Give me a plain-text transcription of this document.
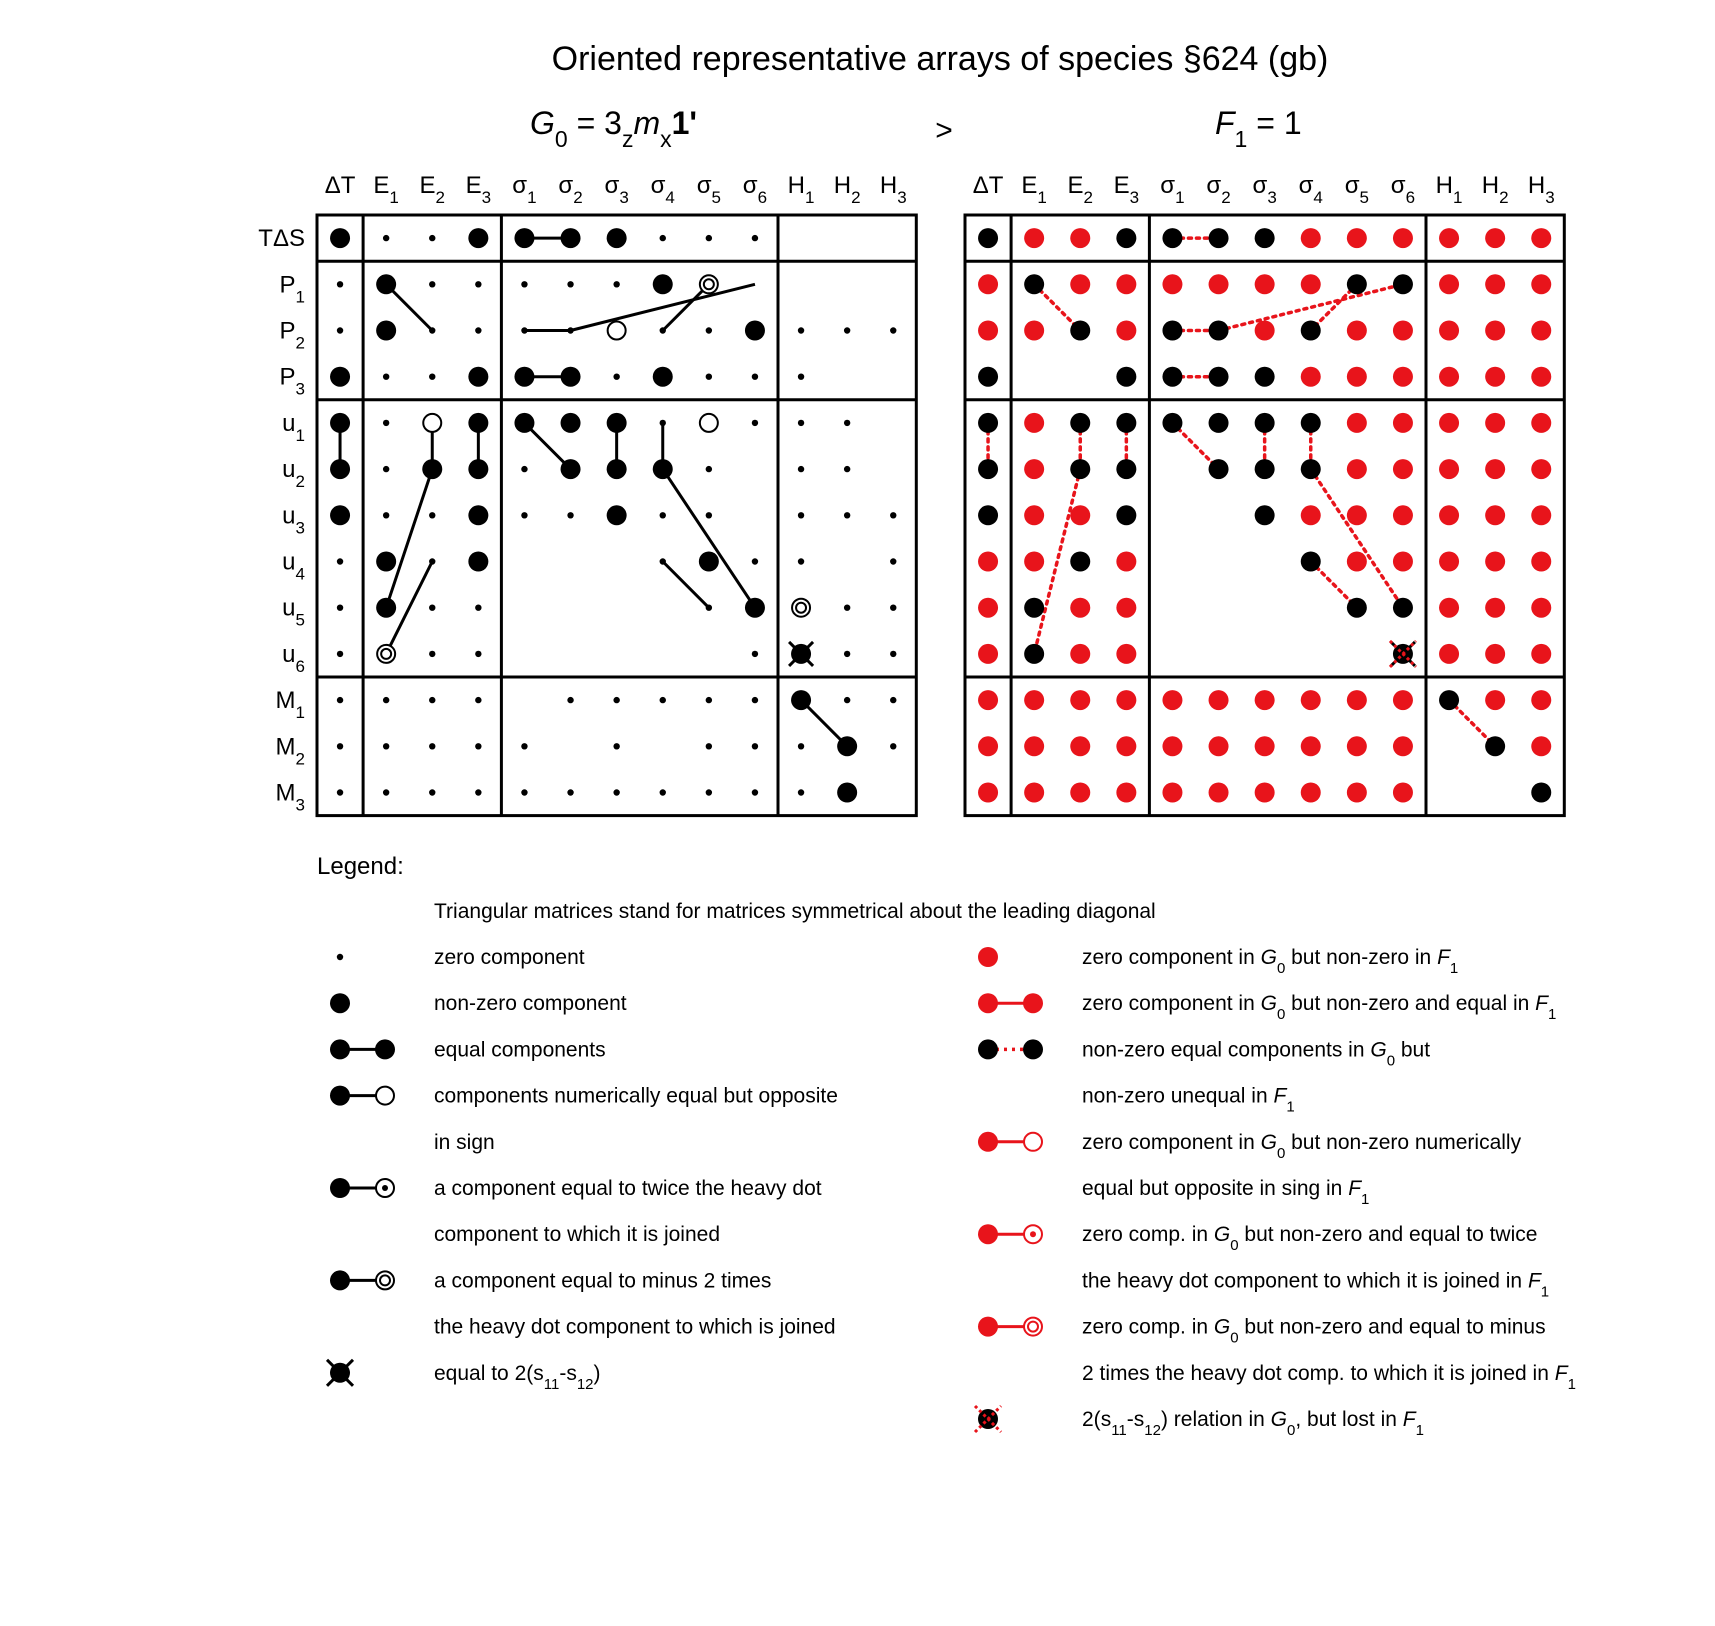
Oriented representative arrays of species §624 (gb)
$G_0 = 3_zm_x1'$	>	$F_1 = 1$
ΔT $E_1$ $E_2$ $E_3$ $\sigma_1$ $\sigma_2$ $\sigma_3$ $\sigma_4$ $\sigma_5$ $\sigma_6$ $H_1$ $H_2$ $H_3$
TΔS
$P_1$
$P_2$
$P_3$
$u_1$
$u_2$
$u_3$
$u_4$
$u_5$
$u_6$
$M_1$
$M_2$
$M_3$
ΔT $E_1$ $E_2$ $E_3$ $\sigma_1$ $\sigma_2$ $\sigma_3$ $\sigma_4$ $\sigma_5$ $\sigma_6$ $H_1$ $H_2$ $H_3$
Legend:
Triangular matrices stand for matrices symmetrical about the leading diagonal
zero component
non-zero component
equal components
components numerically equal but opposite
in sign
a component equal to twice the heavy dot
component to which it is joined
a component equal to minus 2 times
the heavy dot component to which is joined
equal to $2(s_{11}-s_{12})$
zero component in $G_0$ but non-zero in $F_1$
zero component in $G_0$ but non-zero and equal in $F_1$
non-zero equal components in $G_0$ but
non-zero unequal in $F_1$
zero component in $G_0$ but non-zero numerically
equal but opposite in sing in $F_1$
zero comp. in $G_0$ but non-zero and equal to twice
the heavy dot component to which it is joined in $F_1$
zero comp. in $G_0$ but non-zero and equal to minus
2 times the heavy dot comp. to which it is joined in $F_1$
$2(s_{11}-s_{12})$ relation in $G_0$, but lost in $F_1$
